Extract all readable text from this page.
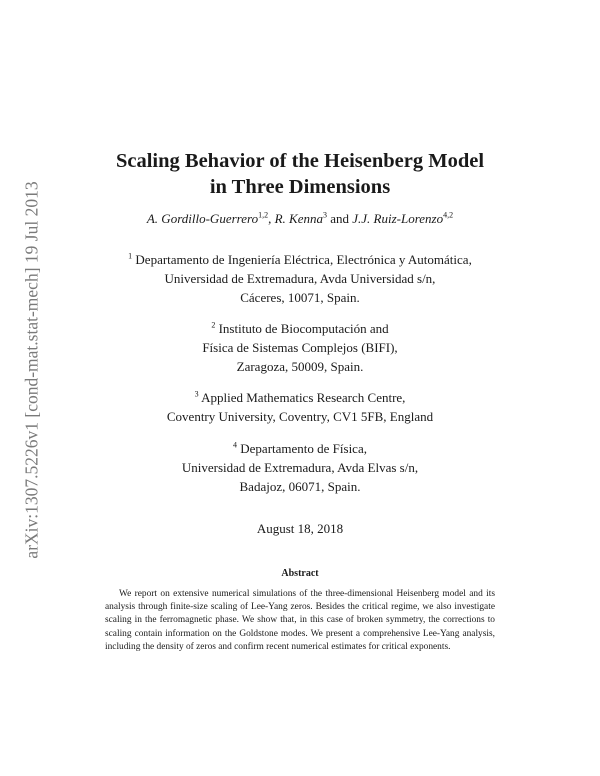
arXiv:1307.5226v1 [cond-mat.stat-mech] 19 Jul 2013
Scaling Behavior of the Heisenberg Model
in Three Dimensions
A. Gordillo-Guerrero$^{1,2}$, R. Kenna$^3$ and J.J. Ruiz-Lorenzo$^{4,2}$
$^1$ Departamento de Ingeniería Eléctrica, Electrónica y Automática,
Universidad de Extremadura, Avda Universidad s/n,
Cáceres, 10071, Spain.
$^2$ Instituto de Biocomputación and
Física de Sistemas Complejos (BIFI),
Zaragoza, 50009, Spain.
$^3$ Applied Mathematics Research Centre,
Coventry University, Coventry, CV1 5FB, England
$^4$ Departamento de Física,
Universidad de Extremadura, Avda Elvas s/n,
Badajoz, 06071, Spain.
August 18, 2018
Abstract

We report on extensive numerical simulations of the three-dimensional Heisenberg model and its analysis through finite-size scaling of Lee-Yang zeros. Besides the critical regime, we also investigate scaling in the ferromagnetic phase. We show that, in this case of broken symmetry, the corrections to scaling contain information on the Goldstone modes. We present a comprehensive Lee-Yang analysis, including the density of zeros and confirm recent numerical estimates for critical exponents.
